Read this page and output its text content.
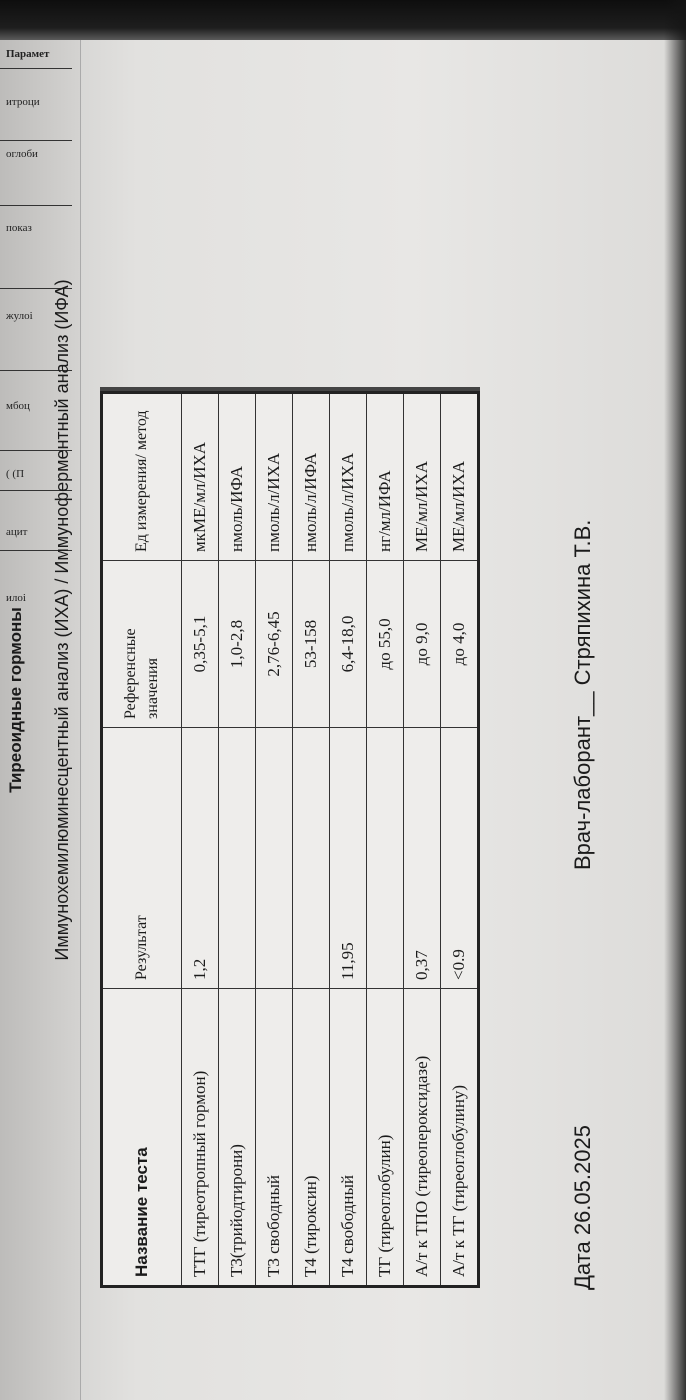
Парамет
итроци
оглоби
показ
жулоі
мбоц
( (П
ацит
илоі
Тиреоидные гормоны Иммунохемилюминесцентный анализ (ИХА) / Иммуноферментный анализ (ИФА)
Название теста	Результат	Референсные значения	Ед измерения/ метод
ТТГ (тиреотропный гормон)	1,2	0,35-5,1	мкМЕ/мл/ИХА
Т3(трийодтирони)		1,0-2,8	нмоль/ИФА
Т3 свободный		2,76-6,45	пмоль/л/ИХА
Т4 (тироксин)		53-158	нмоль/л/ИФА
Т4 свободный	11,95	6,4-18,0	пмоль/л/ИХА
ТГ (тиреоглобулин)		до 55,0	нг/мл/ИФА
А/т к ТПО (тиреопероксидазе)	0,37	до 9,0	МЕ/мл/ИХА
А/т к ТГ (тиреоглобулину)	<0.9	до 4,0	МЕ/мл/ИХА
Дата 26.05.2025
Врач-лаборант__ Стряпихина Т.В.
